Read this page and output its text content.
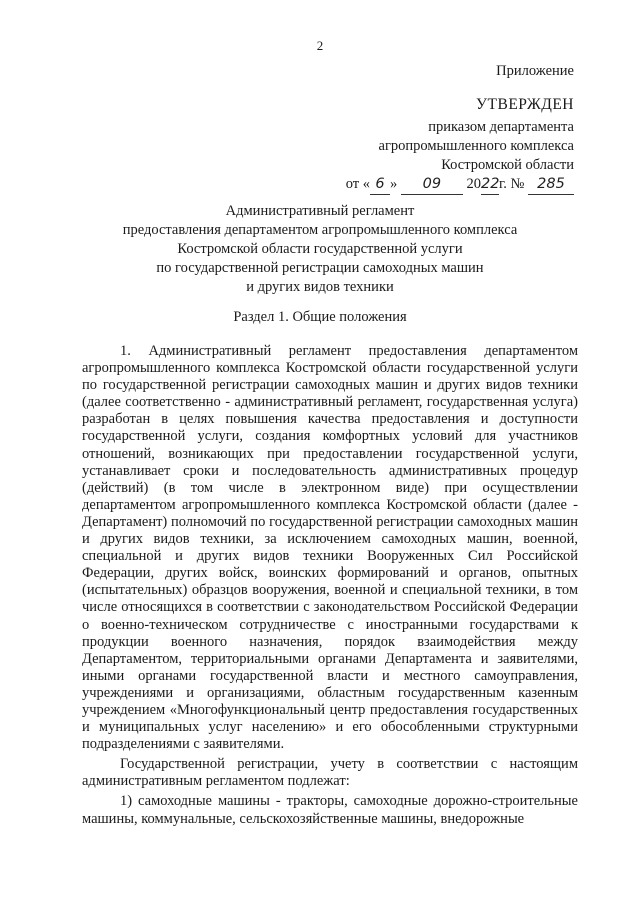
2
Приложение
УТВЕРЖДЕН
приказом департамента
агропромышленного комплекса
Костромской области
от « 6 » 09 2022г. № 285
Административный регламент
предоставления департаментом агропромышленного комплекса
Костромской области государственной услуги
по государственной регистрации самоходных машин
и других видов техники
Раздел 1. Общие положения

1. Административный регламент предоставления департаментом агропромышленного комплекса Костромской области государственной услуги по государственной регистрации самоходных машин и других видов техники (далее соответственно - административный регламент, государственная услуга) разработан в целях повышения качества предоставления и доступности государственной услуги, создания комфортных условий для участников отношений, возникающих при предоставлении государственной услуги, устанавливает сроки и последовательность административных процедур (действий) (в том числе в электронном виде) при осуществлении департаментом агропромышленного комплекса Костромской области (далее - Департамент) полномочий по государственной регистрации самоходных машин и других видов техники, за исключением самоходных машин, военной, специальной и других видов техники Вооруженных Сил Российской Федерации, других войск, воинских формирований и органов, опытных (испытательных) образцов вооружения, военной и специальной техники, в том числе относящихся в соответствии с законодательством Российской Федерации о военно-техническом сотрудничестве с иностранными государствами к продукции военного назначения, порядок взаимодействия между Департаментом, территориальными органами Департамента и заявителями, иными органами государственной власти и местного самоуправления, учреждениями и организациями, областным государственным казенным учреждением «Многофункциональный центр предоставления государственных и муниципальных услуг населению» и его обособленными структурными подразделениями с заявителями.

Государственной регистрации, учету в соответствии с настоящим административным регламентом подлежат:

1) самоходные машины - тракторы, самоходные дорожно-строительные машины, коммунальные, сельскохозяйственные машины, внедорожные
